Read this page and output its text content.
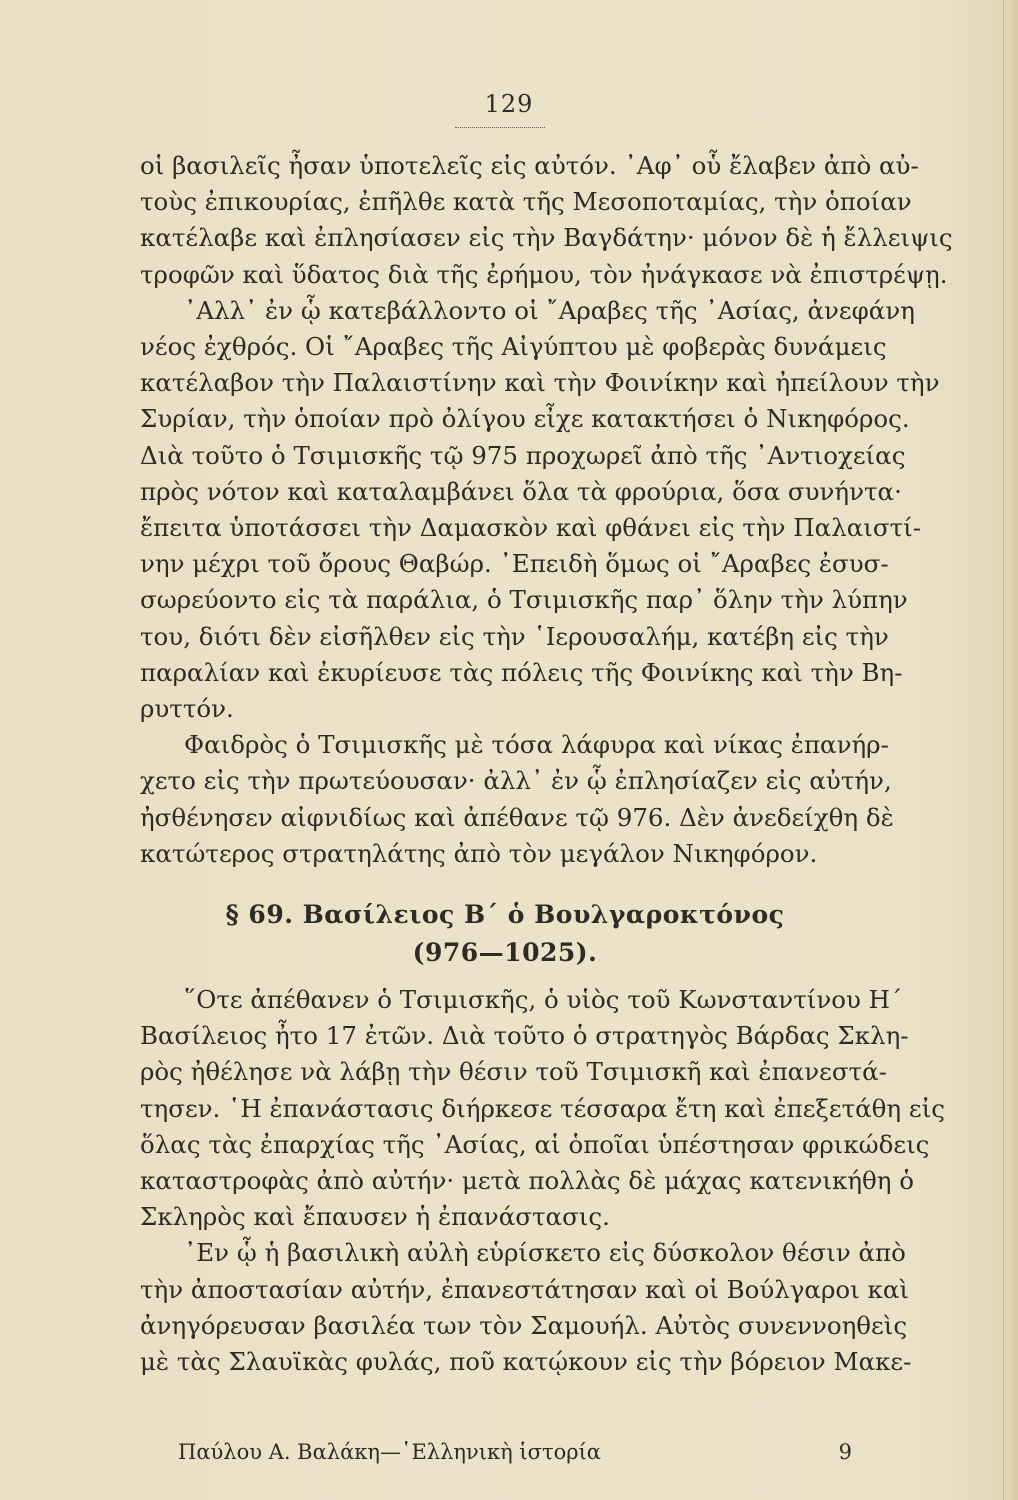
129
οἱ βασιλεῖς ἦσαν ὑποτελεῖς εἰς αὐτόν. ᾿Αφ᾿ οὗ ἔλαβεν ἀπὸ αὐ-
τοὺς ἐπικουρίας, ἐπῆλθε κατὰ τῆς Μεσοποταμίας, τὴν ὁποίαν
κατέλαβε καὶ ἐπλησίασεν εἰς τὴν Βαγδάτην· μόνον δὲ ἡ ἔλλειψις
τροφῶν καὶ ὕδατος διὰ τῆς ἐρήμου, τὸν ἠνάγκασε νὰ ἐπιστρέψῃ.
᾿Αλλ᾿ ἐν ᾧ κατεβάλλοντο οἱ ῎Αραβες τῆς ᾿Ασίας, ἀνεφάνη
νέος ἐχθρός. Οἱ ῎Αραβες τῆς Αἰγύπτου μὲ φοβερὰς δυνάμεις
κατέλαβον τὴν Παλαιστίνην καὶ τὴν Φοινίκην καὶ ἠπείλουν τὴν
Συρίαν, τὴν ὁποίαν πρὸ ὀλίγου εἶχε κατακτήσει ὁ Νικηφόρος.
Διὰ τοῦτο ὁ Τσιμισκῆς τῷ 975 προχωρεῖ ἀπὸ τῆς ᾿Αντιοχείας
πρὸς νότον καὶ καταλαμβάνει ὅλα τὰ φρούρια, ὅσα συνήντα·
ἔπειτα ὑποτάσσει τὴν Δαμασκὸν καὶ φθάνει εἰς τὴν Παλαιστί-
νην μέχρι τοῦ ὄρους Θαβώρ. ᾿Επειδὴ ὅμως οἱ ῎Αραβες ἐσυσ-
σωρεύοντο εἰς τὰ παράλια, ὁ Τσιμισκῆς παρ᾿ ὅλην τὴν λύπην
του, διότι δὲν εἰσῆλθεν εἰς τὴν ῾Ιερουσαλήμ, κατέβη εἰς τὴν
παραλίαν καὶ ἐκυρίευσε τὰς πόλεις τῆς Φοινίκης καὶ τὴν Βη-
ρυττόν.
Φαιδρὸς ὁ Τσιμισκῆς μὲ τόσα λάφυρα καὶ νίκας ἐπανήρ-
χετο εἰς τὴν πρωτεύουσαν· ἀλλ᾿ ἐν ᾧ ἐπλησίαζεν εἰς αὐτήν,
ἠσθένησεν αἰφνιδίως καὶ ἀπέθανε τῷ 976. Δὲν ἀνεδείχθη δὲ
κατώτερος στρατηλάτης ἀπὸ τὸν μεγάλον Νικηφόρον.
§ 69. Βασίλειος Β΄ ὁ Βουλγαροκτόνος
(976—1025).
῞Οτε ἀπέθανεν ὁ Τσιμισκῆς, ὁ υἱὸς τοῦ Κωνσταντίνου Η΄
Βασίλειος ἦτο 17 ἐτῶν. Διὰ τοῦτο ὁ στρατηγὸς Βάρδας Σκλη-
ρὸς ἠθέλησε νὰ λάβῃ τὴν θέσιν τοῦ Τσιμισκῆ καὶ ἐπανεστά-
τησεν. ῾Η ἐπανάστασις διήρκεσε τέσσαρα ἔτη καὶ ἐπεξετάθη εἰς
ὅλας τὰς ἐπαρχίας τῆς ᾿Ασίας, αἱ ὁποῖαι ὑπέστησαν φρικώδεις
καταστροφὰς ἀπὸ αὐτήν· μετὰ πολλὰς δὲ μάχας κατενικήθη ὁ
Σκληρὸς καὶ ἔπαυσεν ἡ ἐπανάστασις.
᾿Εν ᾧ ἡ βασιλικὴ αὐλὴ εὑρίσκετο εἰς δύσκολον θέσιν ἀπὸ
τὴν ἀποστασίαν αὐτήν, ἐπανεστάτησαν καὶ οἱ Βούλγαροι καὶ
ἀνηγόρευσαν βασιλέα των τὸν Σαμουήλ. Αὐτὸς συνεννοηθεὶς
μὲ τὰς Σλαυϊκὰς φυλάς, ποῦ κατῴκουν εἰς τὴν βόρειον Μακε-
Παύλου Α. Βαλάκη—῾Ελληνικὴ ἱστορία	9
